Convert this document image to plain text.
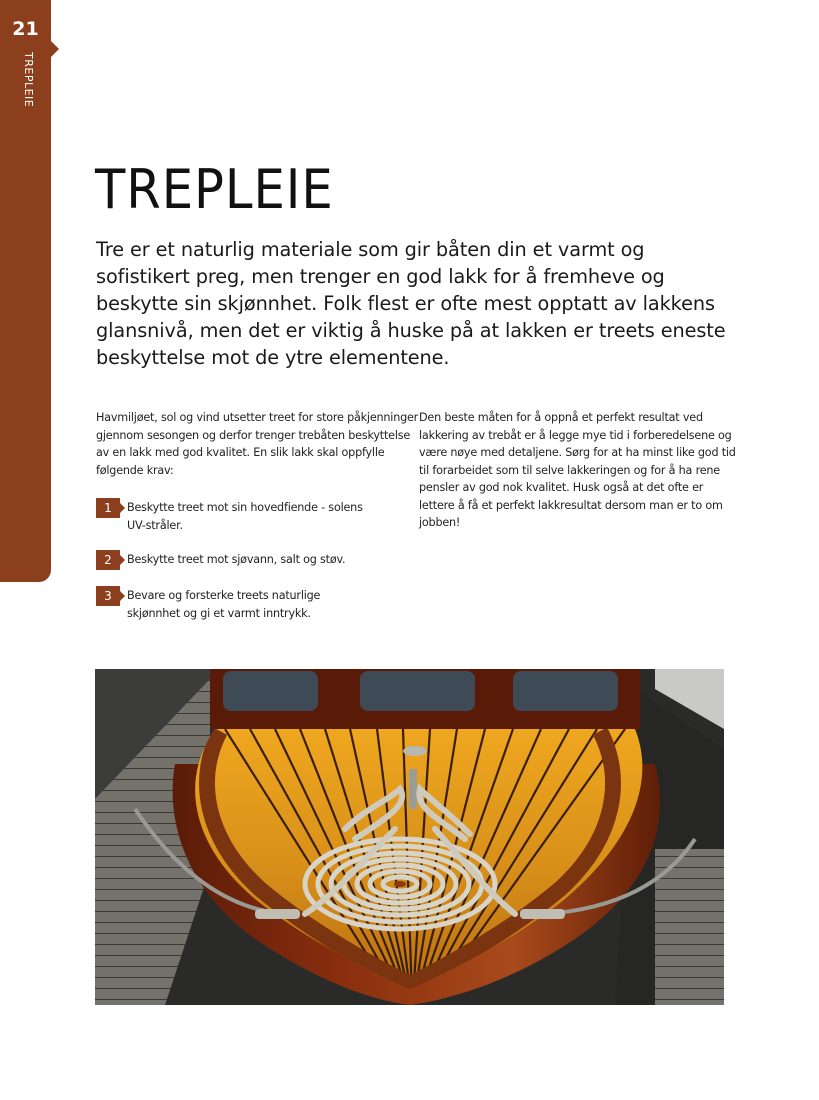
21
TREPLEIE
TREPLEIE

Tre er et naturlig materiale som gir båten din et varmt og sofistikert preg, men trenger en god lakk for å fremheve og beskytte sin skjønnhet. Folk flest er ofte mest opptatt av lakkens glansnivå, men det er viktig å huske på at lakken er treets eneste beskyttelse mot de ytre elementene.

Havmiljøet, sol og vind utsetter treet for store påkjenninger gjennom sesongen og derfor trenger trebåten beskyttelse av en lakk med god kvalitet. En slik lakk skal oppfylle følgende krav:

1	Beskytte treet mot sin hovedfiende - solens UV-stråler.
2	Beskytte treet mot sjøvann, salt og støv.
3	Bevare og forsterke treets naturlige skjønnhet og gi et varmt inntrykk.

Den beste måten for å oppnå et perfekt resultat ved lakkering av trebåt er å legge mye tid i forberedelsene og være nøye med detaljene. Sørg for at ha minst like god tid til forarbeidet som til selve lakkeringen og for å ha rene pensler av god nok kvalitet. Husk også at det ofte er lettere å få et perfekt lakkresultat dersom man er to om jobben!
